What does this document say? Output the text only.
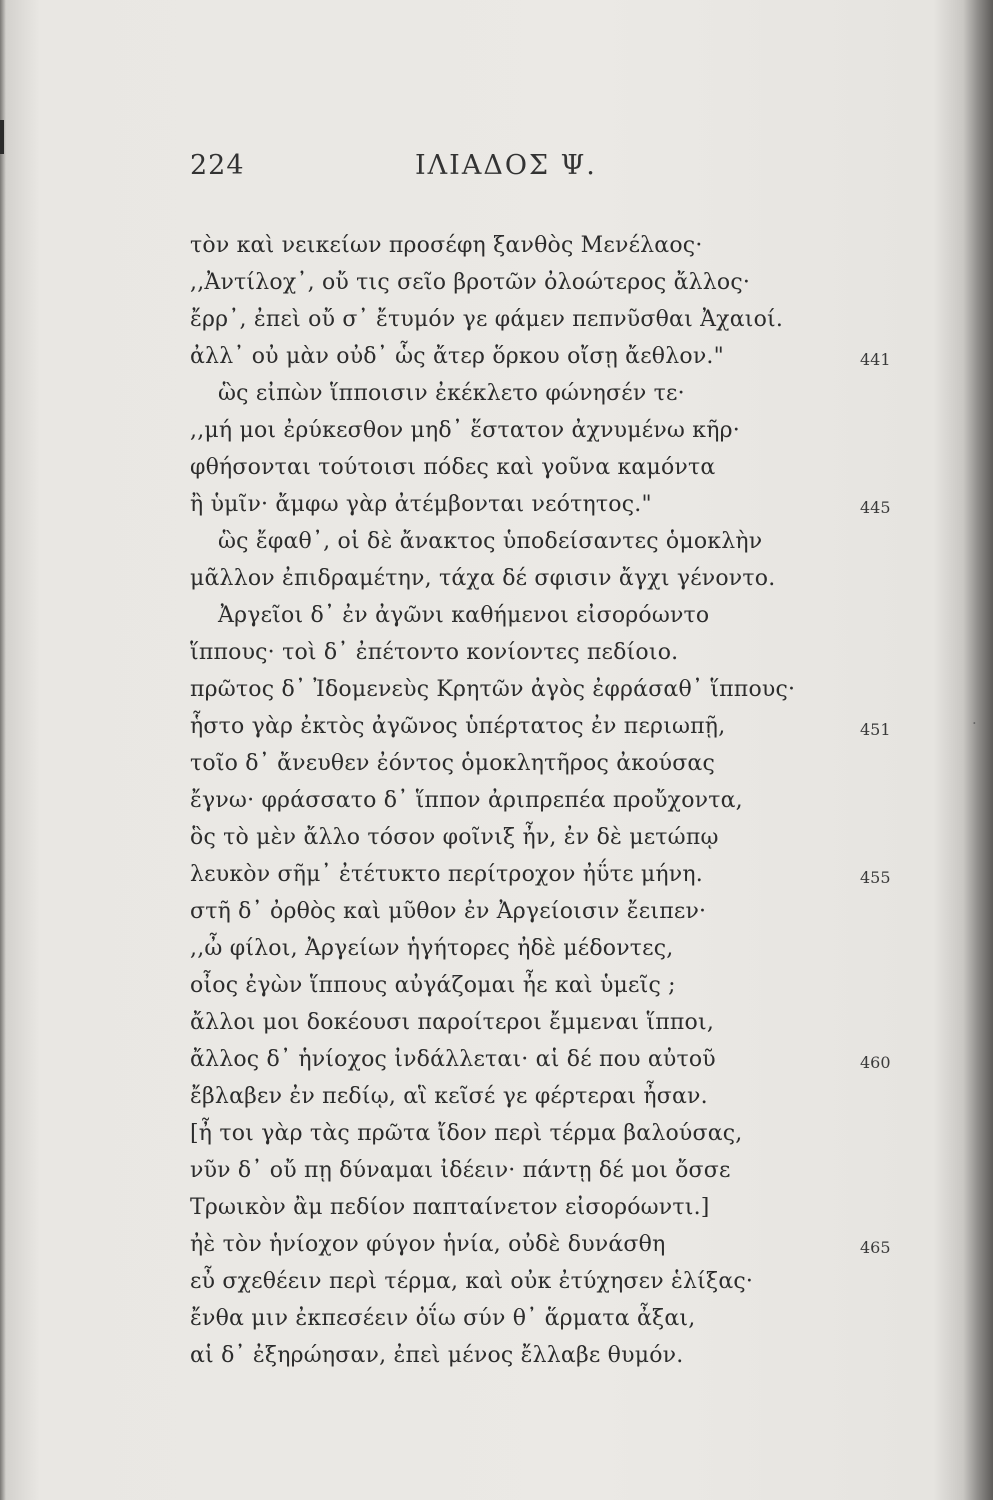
224	ΙΛΙΑΔΟΣ Ψ.
τὸν καὶ νεικείων προσέφη ξανθὸς Μενέλαος·
,,Ἀντίλοχ᾽, οὔ τις σεῖο βροτῶν ὀλοώτερος ἄλλος·
ἔρρ᾽, ἐπεὶ οὔ σ᾽ ἔτυμόν γε φάμεν πεπνῦσθαι Ἀχαιοί.
ἀλλ᾽ οὐ μὰν οὐδ᾽ ὧς ἄτερ ὅρκου οἴσῃ ἄεθλον."
ὣς εἰπὼν ἵπποισιν ἐκέκλετο φώνησέν τε·
,,μή μοι ἐρύκεσθον μηδ᾽ ἕστατον ἀχνυμένω κῆρ·
φθήσονται τούτοισι πόδες καὶ γοῦνα καμόντα
ἢ ὑμῖν· ἄμφω γὰρ ἀτέμβονται νεότητος."
ὣς ἔφαθ᾽, οἱ δὲ ἄνακτος ὑποδείσαντες ὁμοκλὴν
μᾶλλον ἐπιδραμέτην, τάχα δέ σφισιν ἄγχι γένοντο.
Ἀργεῖοι δ᾽ ἐν ἀγῶνι καθήμενοι εἰσορόωντο
ἵππους· τοὶ δ᾽ ἐπέτοντο κονίοντες πεδίοιο.
πρῶτος δ᾽ Ἰδομενεὺς Κρητῶν ἀγὸς ἐφράσαθ᾽ ἵππους·
ἧστο γὰρ ἐκτὸς ἀγῶνος ὑπέρτατος ἐν περιωπῇ,
τοῖο δ᾽ ἄνευθεν ἐόντος ὁμοκλητῆρος ἀκούσας
ἔγνω· φράσσατο δ᾽ ἵππον ἀριπρεπέα προὔχοντα,
ὃς τὸ μὲν ἄλλο τόσον φοῖνιξ ἦν, ἐν δὲ μετώπῳ
λευκὸν σῆμ᾽ ἐτέτυκτο περίτροχον ἠΰτε μήνη.
στῆ δ᾽ ὀρθὸς καὶ μῦθον ἐν Ἀργείοισιν ἔειπεν·
,,ὦ φίλοι, Ἀργείων ἡγήτορες ἠδὲ μέδοντες,
οἶος ἐγὼν ἵππους αὐγάζομαι ἦε καὶ ὑμεῖς ;
ἄλλοι μοι δοκέουσι παροίτεροι ἔμμεναι ἵπποι,
ἄλλος δ᾽ ἡνίοχος ἰνδάλλεται· αἱ δέ που αὐτοῦ
ἔβλαβεν ἐν πεδίῳ, αἳ κεῖσέ γε φέρτεραι ἦσαν.
[ἦ τοι γὰρ τὰς πρῶτα ἴδον περὶ τέρμα βαλούσας,
νῦν δ᾽ οὔ πῃ δύναμαι ἰδέειν· πάντῃ δέ μοι ὄσσε
Τρωικὸν ἂμ πεδίον παπταίνετον εἰσορόωντι.]
ἠὲ τὸν ἡνίοχον φύγον ἡνία, οὐδὲ δυνάσθη
εὖ σχεθέειν περὶ τέρμα, καὶ οὐκ ἐτύχησεν ἑλίξας·
ἔνθα μιν ἐκπεσέειν ὀΐω σύν θ᾽ ἅρματα ἆξαι,
αἱ δ᾽ ἐξηρώησαν, ἐπεὶ μένος ἔλλαβε θυμόν.
441
445
451
455
460
465
·
